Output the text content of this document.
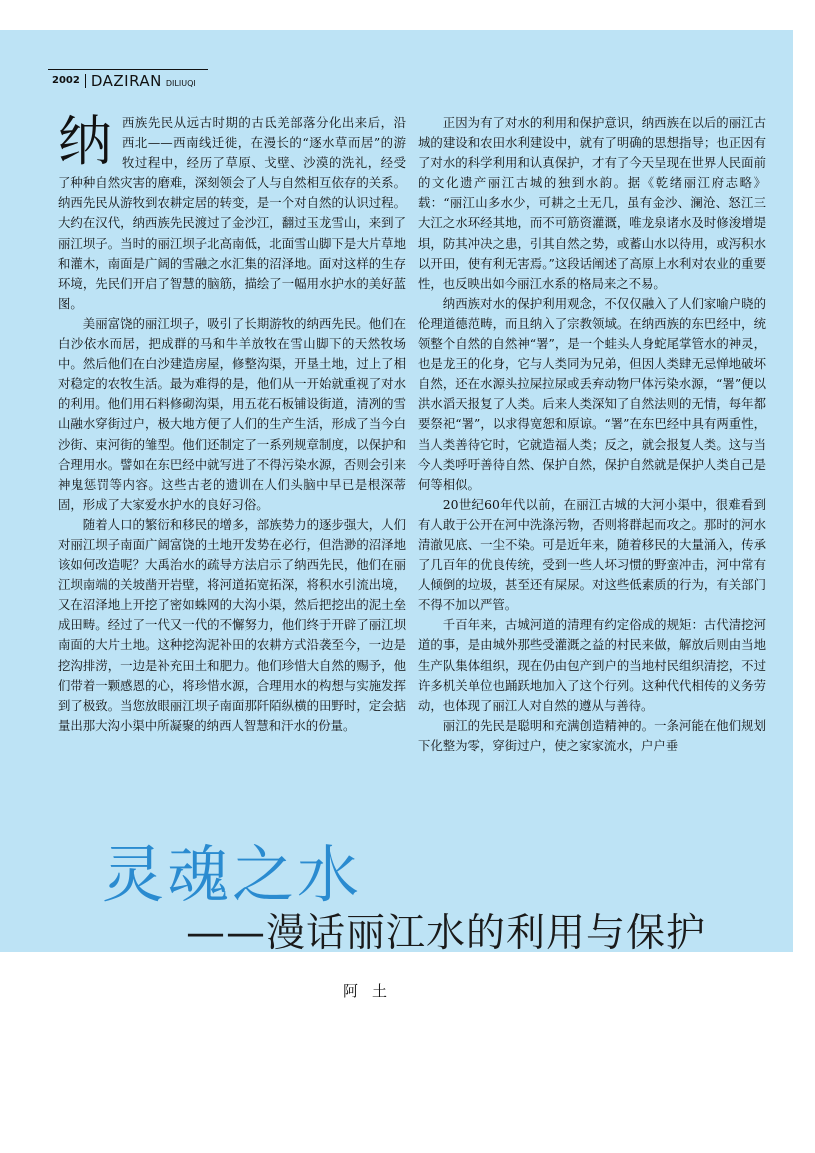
2002 DAZIRAN DILIUQI

纳西族先民从远古时期的古氐羌部落分化出来后，沿西北——西南线迁徙，在漫长的“逐水草而居”的游牧过程中，经历了草原、戈壁、沙漠的洗礼，经受了种种自然灾害的磨难，深刻领会了人与自然相互依存的关系。纳西先民从游牧到农耕定居的转变，是一个对自然的认识过程。大约在汉代，纳西族先民渡过了金沙江，翻过玉龙雪山，来到了丽江坝子。当时的丽江坝子北高南低，北面雪山脚下是大片草地和灌木，南面是广阔的雪融之水汇集的沼泽地。面对这样的生存环境，先民们开启了智慧的脑筋，描绘了一幅用水护水的美好蓝图。

美丽富饶的丽江坝子，吸引了长期游牧的纳西先民。他们在白沙依水而居，把成群的马和牛羊放牧在雪山脚下的天然牧场中。然后他们在白沙建造房屋，修整沟渠，开垦土地，过上了相对稳定的农牧生活。最为难得的是，他们从一开始就重视了对水的利用。他们用石料修砌沟渠，用五花石板铺设街道，清冽的雪山融水穿街过户，极大地方便了人们的生产生活，形成了当今白沙街、束河街的雏型。他们还制定了一系列规章制度，以保护和合理用水。譬如在东巴经中就写进了不得污染水源，否则会引来神鬼惩罚等内容。这些古老的遗训在人们头脑中早已是根深蒂固，形成了大家爱水护水的良好习俗。

随着人口的繁衍和移民的增多，部族势力的逐步强大，人们对丽江坝子南面广阔富饶的土地开发势在必行，但浩渺的沼泽地该如何改造呢？大禹治水的疏导方法启示了纳西先民，他们在丽江坝南端的关坡凿开岩壁，将河道拓宽拓深，将积水引流出境，又在沼泽地上开挖了密如蛛网的大沟小渠，然后把挖出的泥土垒成田畴。经过了一代又一代的不懈努力，他们终于开辟了丽江坝南面的大片土地。这种挖沟泥补田的农耕方式沿袭至今，一边是挖沟排涝，一边是补充田土和肥力。他们珍惜大自然的赐予，他们带着一颗感恩的心，将珍惜水源，合理用水的构想与实施发挥到了极致。当您放眼丽江坝子南面那阡陌纵横的田野时，定会掂量出那大沟小渠中所凝聚的纳西人智慧和汗水的份量。

正因为有了对水的利用和保护意识，纳西族在以后的丽江古城的建设和农田水利建设中，就有了明确的思想指导；也正因有了对水的科学利用和认真保护，才有了今天呈现在世界人民面前的文化遗产丽江古城的独到水韵。据《乾绪丽江府志略》载：“丽江山多水少，可耕之土无几，虽有金沙、澜沧、怒江三大江之水环经其地，而不可筋资灌溉，唯龙泉诸水及时修浚增堤垻，防其冲决之患，引其自然之势，或蓄山水以待用，或泻积水以开田，使有利无害焉。”这段话阐述了高原上水利对农业的重要性，也反映出如今丽江水系的格局来之不易。

纳西族对水的保护利用观念，不仅仅融入了人们家喻户晓的伦理道德范畴，而且纳入了宗教领域。在纳西族的东巴经中，统领整个自然的自然神“署”，是一个蛙头人身蛇尾掌管水的神灵，也是龙王的化身，它与人类同为兄弟，但因人类肆无忌惮地破坏自然，还在水源头拉屎拉尿或丢弃动物尸体污染水源，“署”便以洪水滔天报复了人类。后来人类深知了自然法则的无情，每年都要祭祀“署”，以求得宽恕和原谅。“署”在东巴经中具有两重性，当人类善待它时，它就造福人类；反之，就会报复人类。这与当今人类呼吁善待自然、保护自然，保护自然就是保护人类自己是何等相似。

20世纪60年代以前，在丽江古城的大河小渠中，很难看到有人敢于公开在河中洗涤污物，否则将群起而攻之。那时的河水清澈见底、一尘不染。可是近年来，随着移民的大量涌入，传承了几百年的优良传统，受到一些人坏习惯的野蛮冲击，河中常有人倾倒的垃圾，甚至还有屎尿。对这些低素质的行为，有关部门不得不加以严管。

千百年来，古城河道的清理有约定俗成的规矩：古代清挖河道的事，是由城外那些受灌溉之益的村民来做，解放后则由当地生产队集体组织，现在仍由包产到户的当地村民组织清挖，不过许多机关单位也踊跃地加入了这个行列。这种代代相传的义务劳动，也体现了丽江人对自然的遵从与善待。

丽江的先民是聪明和充满创造精神的。一条河能在他们规划下化整为零，穿街过户，使之家家流水，户户垂

灵魂之水
——漫话丽江水的利用与保护
阿土
